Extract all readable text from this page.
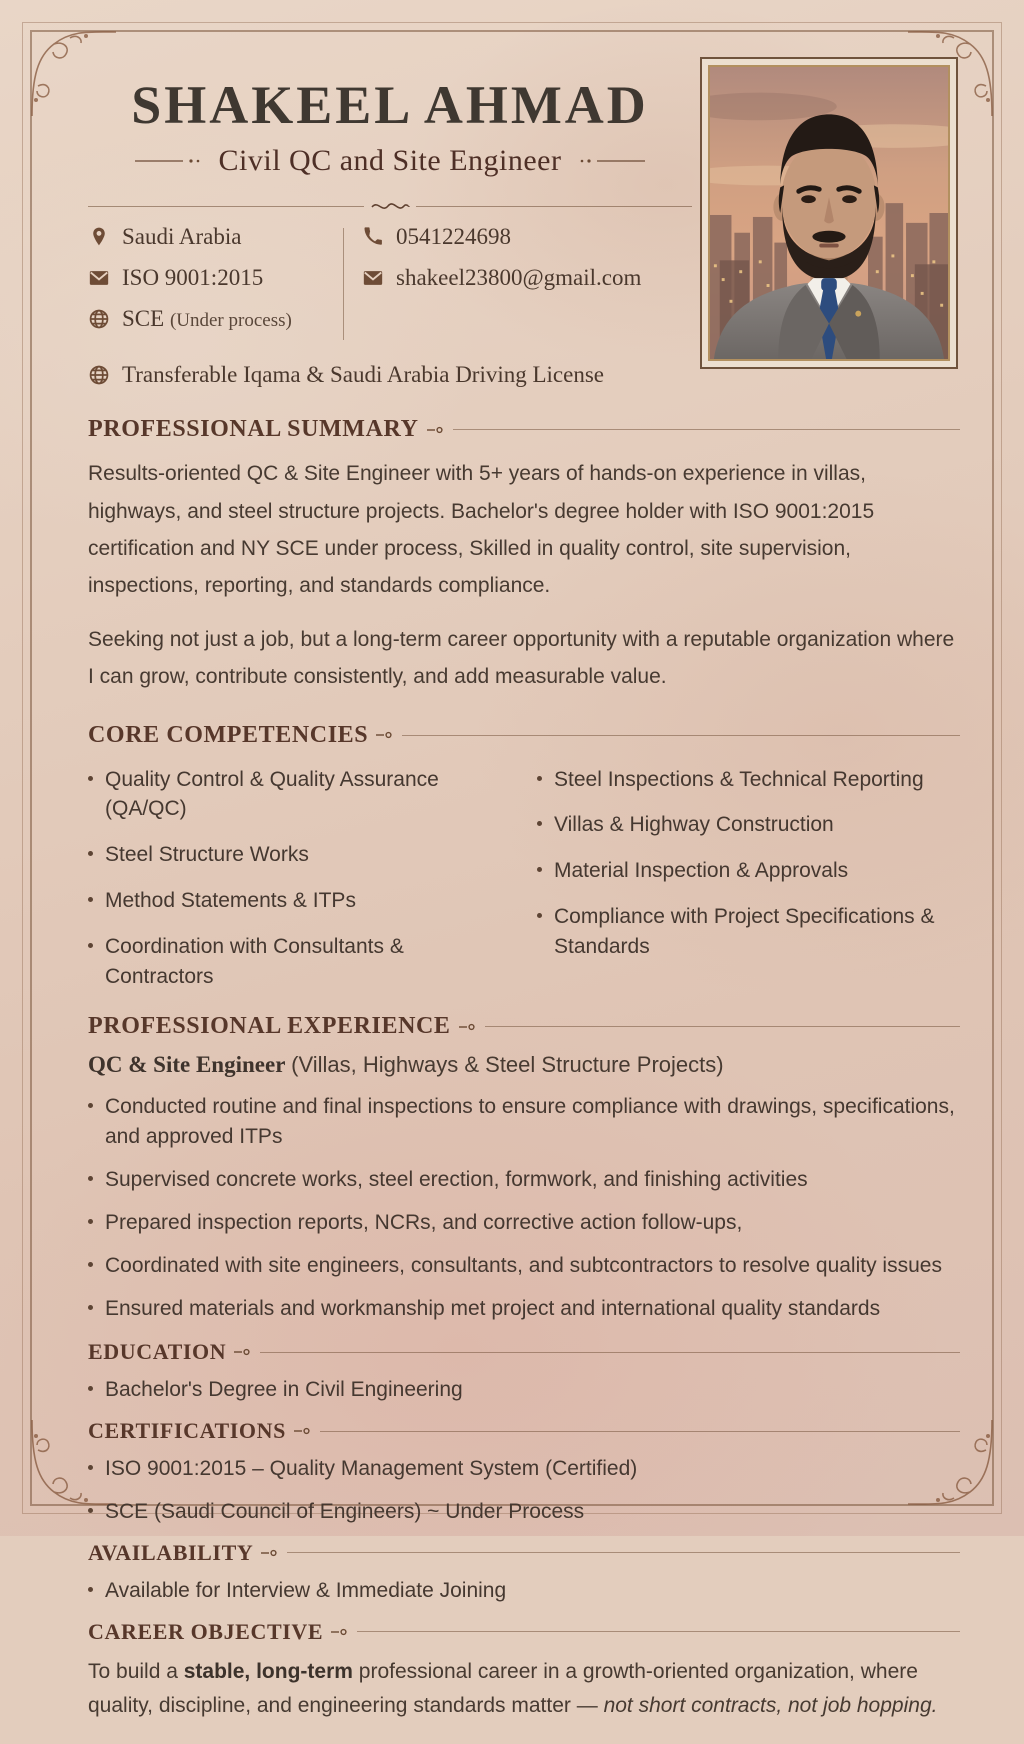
SHAKEEL AHMAD
Civil QC and Site Engineer
Saudi Arabia
ISO 9001:2015
SCE (Under process)
0541224698
shakeel23800@gmail.com
Transferable Iqama & Saudi Arabia Driving License
PROFESSIONAL SUMMARY

Results-oriented QC & Site Engineer with 5+ years of hands-on experience in villas, highways, and steel structure projects. Bachelor's degree holder with ISO 9001:2015 certification and NY SCE under process, Skilled in quality control, site supervision, inspections, reporting, and standards compliance.

Seeking not just a job, but a long-term career opportunity with a reputable organization where I can grow, contribute consistently, and add measurable value.

CORE COMPETENCIES
Quality Control & Quality Assurance (QA/QC)
Steel Structure Works
Method Statements & ITPs
Coordination with Consultants & Contractors
Steel Inspections & Technical Reporting
Villas & Highway Construction
Material Inspection & Approvals
Compliance with Project Specifications & Standards
PROFESSIONAL EXPERIENCE
QC & Site Engineer (Villas, Highways & Steel Structure Projects)
Conducted routine and final inspections to ensure compliance with drawings, specifications, and approved ITPs
Supervised concrete works, steel erection, formwork, and finishing activities
Prepared inspection reports, NCRs, and corrective action follow-ups,
Coordinated with site engineers, consultants, and subtcontractors to resolve quality issues
Ensured materials and workmanship met project and international quality standards
EDUCATION
Bachelor's Degree in Civil Engineering
CERTIFICATIONS
ISO 9001:2015 – Quality Management System (Certified)
SCE (Saudi Council of Engineers) ~ Under Process
AVAILABILITY
Available for Interview & Immediate Joining
CAREER OBJECTIVE

To build a stable, long-term professional career in a growth-oriented organization, where quality, discipline, and engineering standards matter — not short contracts, not job hopping.
